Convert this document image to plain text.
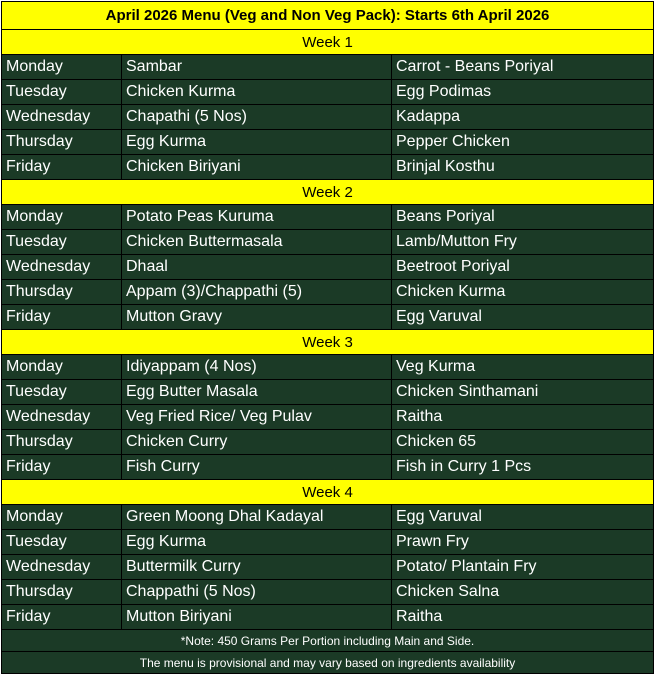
April 2026 Menu (Veg and Non Veg Pack): Starts 6th April 2026		
Week 1		
Monday	Sambar	Carrot - Beans Poriyal
Tuesday	Chicken Kurma	Egg Podimas
Wednesday	Chapathi (5 Nos)	Kadappa
Thursday	Egg Kurma	Pepper Chicken
Friday	Chicken Biriyani	Brinjal Kosthu
Week 2		
Monday	Potato Peas Kuruma	Beans Poriyal
Tuesday	Chicken Buttermasala	Lamb/Mutton Fry
Wednesday	Dhaal	Beetroot Poriyal
Thursday	Appam (3)/Chappathi (5)	Chicken Kurma
Friday	Mutton Gravy	Egg Varuval
Week 3		
Monday	Idiyappam (4 Nos)	Veg Kurma
Tuesday	Egg Butter Masala	Chicken Sinthamani
Wednesday	Veg Fried Rice/ Veg Pulav	Raitha
Thursday	Chicken Curry	Chicken 65
Friday	Fish Curry	Fish in Curry 1 Pcs
Week 4		
Monday	Green Moong Dhal Kadayal	Egg Varuval
Tuesday	Egg Kurma	Prawn Fry
Wednesday	Buttermilk Curry	Potato/ Plantain Fry
Thursday	Chappathi (5 Nos)	Chicken Salna
Friday	Mutton Biriyani	Raitha
*Note: 450 Grams Per Portion including Main and Side.		
The menu is provisional and may vary based on ingredients availability		
